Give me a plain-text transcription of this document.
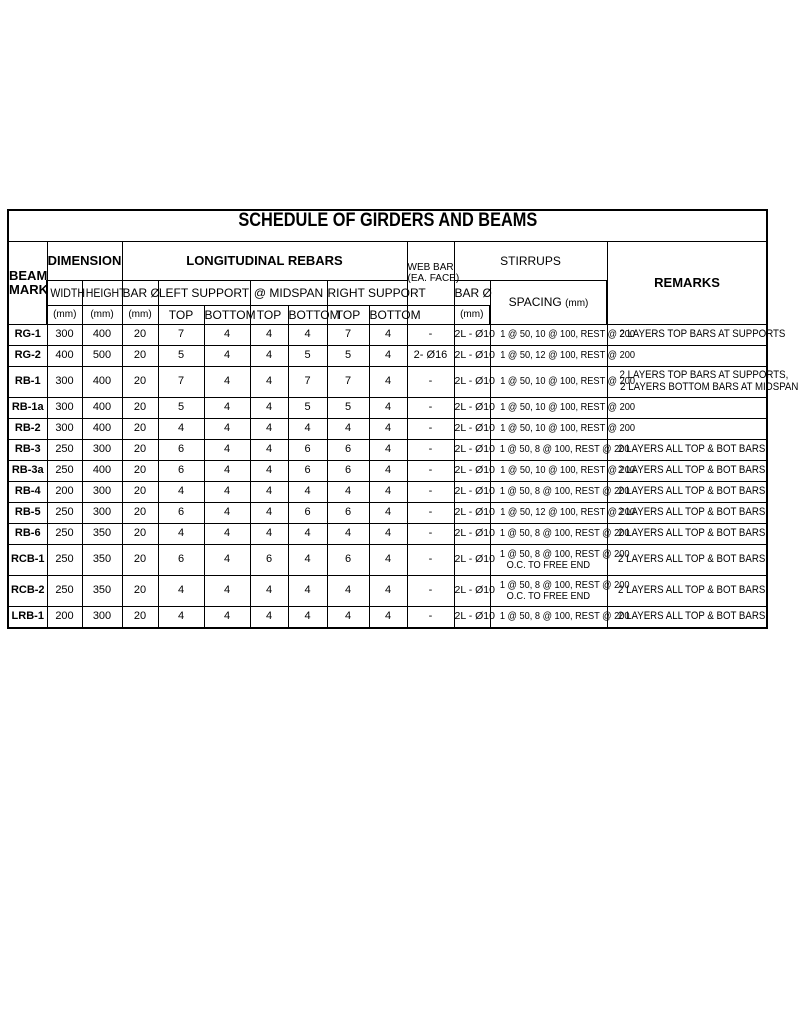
SCHEDULE OF GIRDERS AND BEAMS													
BEAM
MARK	DIMENSION		LONGITUDINAL REBARS							WEB BAR
(EA. FACE)	STIRRUPS		REMARKS
	WIDTH	HEIGHT	BAR Ø	LEFT SUPPORT		@ MIDSPAN		RIGHT SUPPORT			BAR Ø	SPACING (mm)	
	(mm)	(mm)	(mm)	TOP	BOTTOM	TOP	BOTTOM	TOP	BOTTOM		(mm)		
RG-1	300	400	20	7	4	4	4	7	4	-	2L - Ø10	1 @ 50, 10 @ 100, REST @ 200	2 LAYERS TOP BARS AT SUPPORTS
RG-2	400	500	20	5	4	4	5	5	4	2- Ø16	2L - Ø10	1 @ 50, 12 @ 100, REST @ 200	
RB-1	300	400	20	7	4	4	7	7	4	-	2L - Ø10	1 @ 50, 10 @ 100, REST @ 200	2 LAYERS TOP BARS AT SUPPORTS,
2 LAYERS BOTTOM BARS AT MIDSPAN
RB-1a	300	400	20	5	4	4	5	5	4	-	2L - Ø10	1 @ 50, 10 @ 100, REST @ 200	
RB-2	300	400	20	4	4	4	4	4	4	-	2L - Ø10	1 @ 50, 10 @ 100, REST @ 200	
RB-3	250	300	20	6	4	4	6	6	4	-	2L - Ø10	1 @ 50, 8 @ 100, REST @ 200	2 LAYERS ALL TOP & BOT BARS
RB-3a	250	400	20	6	4	4	6	6	4	-	2L - Ø10	1 @ 50, 10 @ 100, REST @ 200	2 LAYERS ALL TOP & BOT BARS
RB-4	200	300	20	4	4	4	4	4	4	-	2L - Ø10	1 @ 50, 8 @ 100, REST @ 200	2 LAYERS ALL TOP & BOT BARS
RB-5	250	300	20	6	4	4	6	6	4	-	2L - Ø10	1 @ 50, 12 @ 100, REST @ 200	2 LAYERS ALL TOP & BOT BARS
RB-6	250	350	20	4	4	4	4	4	4	-	2L - Ø10	1 @ 50, 8 @ 100, REST @ 200	2 LAYERS ALL TOP & BOT BARS
RCB-1	250	350	20	6	4	6	4	6	4	-	2L - Ø10	1 @ 50, 8 @ 100, REST @ 200
O.C. TO FREE END	2 LAYERS ALL TOP & BOT BARS
RCB-2	250	350	20	4	4	4	4	4	4	-	2L - Ø10	1 @ 50, 8 @ 100, REST @ 200
O.C. TO FREE END	2 LAYERS ALL TOP & BOT BARS
LRB-1	200	300	20	4	4	4	4	4	4	-	2L - Ø10	1 @ 50, 8 @ 100, REST @ 200	2 LAYERS ALL TOP & BOT BARS
